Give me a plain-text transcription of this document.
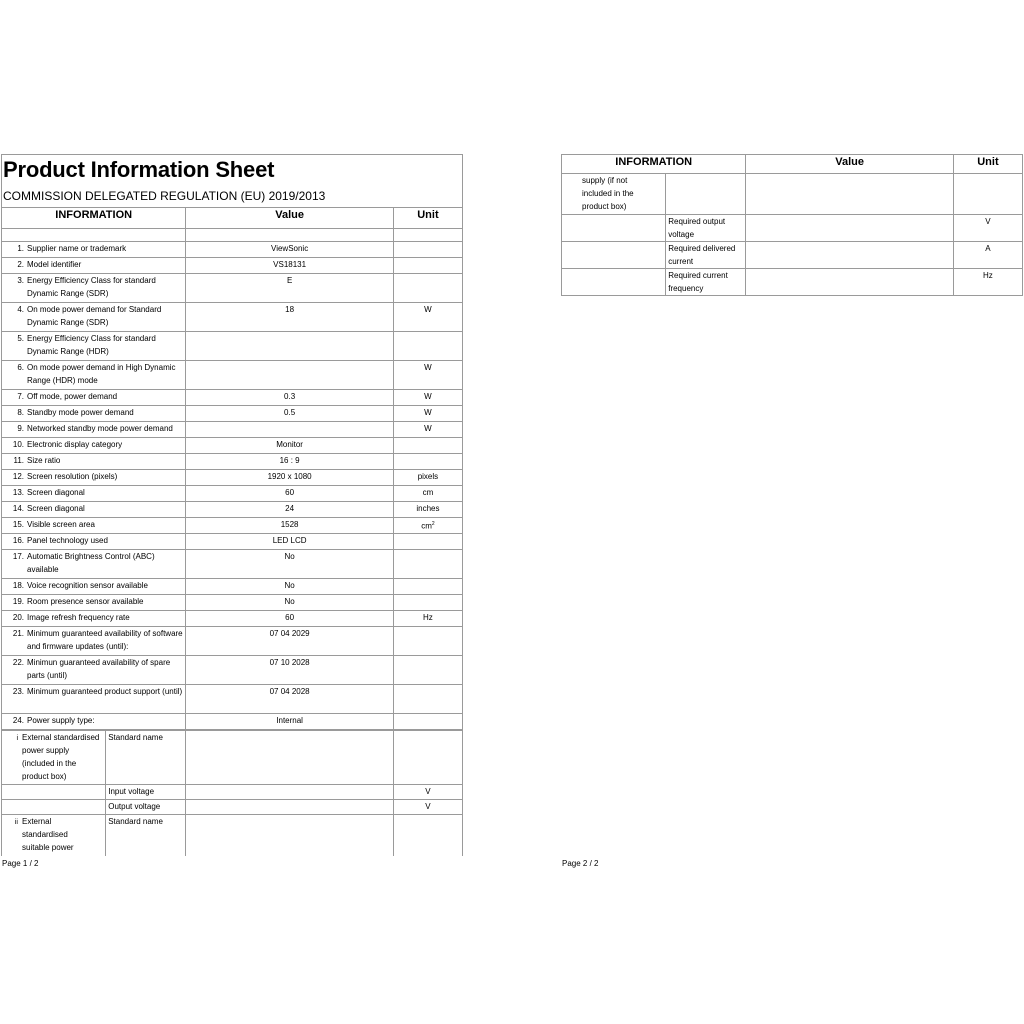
Product Information Sheet
COMMISSION DELEGATED REGULATION (EU) 2019/2013
INFORMATION	Value	Unit

1. Supplier name or trademark	ViewSonic	
2. Model identifier	VS18131	
3. Energy Efficiency Class for standard Dynamic Range (SDR)	E	
4. On mode power demand for Standard Dynamic Range (SDR)	18	W
5. Energy Efficiency Class for standard Dynamic Range (HDR)		
6. On mode power demand in High Dynamic Range (HDR) mode		W
7. Off mode, power demand	0.3	W
8. Standby mode power demand	0.5	W
9. Networked standby mode power demand		W
10. Electronic display category	Monitor	
11. Size ratio	16 : 9	
12. Screen resolution (pixels)	1920 x 1080	pixels
13. Screen diagonal	60	cm
14. Screen diagonal	24	inches
15. Visible screen area	1528	$cm^2$
16. Panel technology used	LED LCD	
17. Automatic Brightness Control (ABC) available	No	
18. Voice recognition sensor available	No	
19. Room presence sensor available	No	
20. Image refresh frequency rate	60	Hz
21. Minimum guaranteed availability of software and firmware updates (until):	07 04 2029	
22. Minimun guaranteed availability of spare parts (until)	07 10 2028	
23. Minimum guaranteed product support (until)	07 04 2028	
24. Power supply type:	Internal	
i External standardised power supply (included in the product box)	Standard name		
	Input voltage		V
	Output voltage		V
ii External standardised suitable power	Standard name		
INFORMATION		Value	Unit
supply (if not included in the product box)			
	Required output voltage		V
	Required delivered current		A
	Required current frequency		Hz
Page 1 / 2	Page 2 / 2
